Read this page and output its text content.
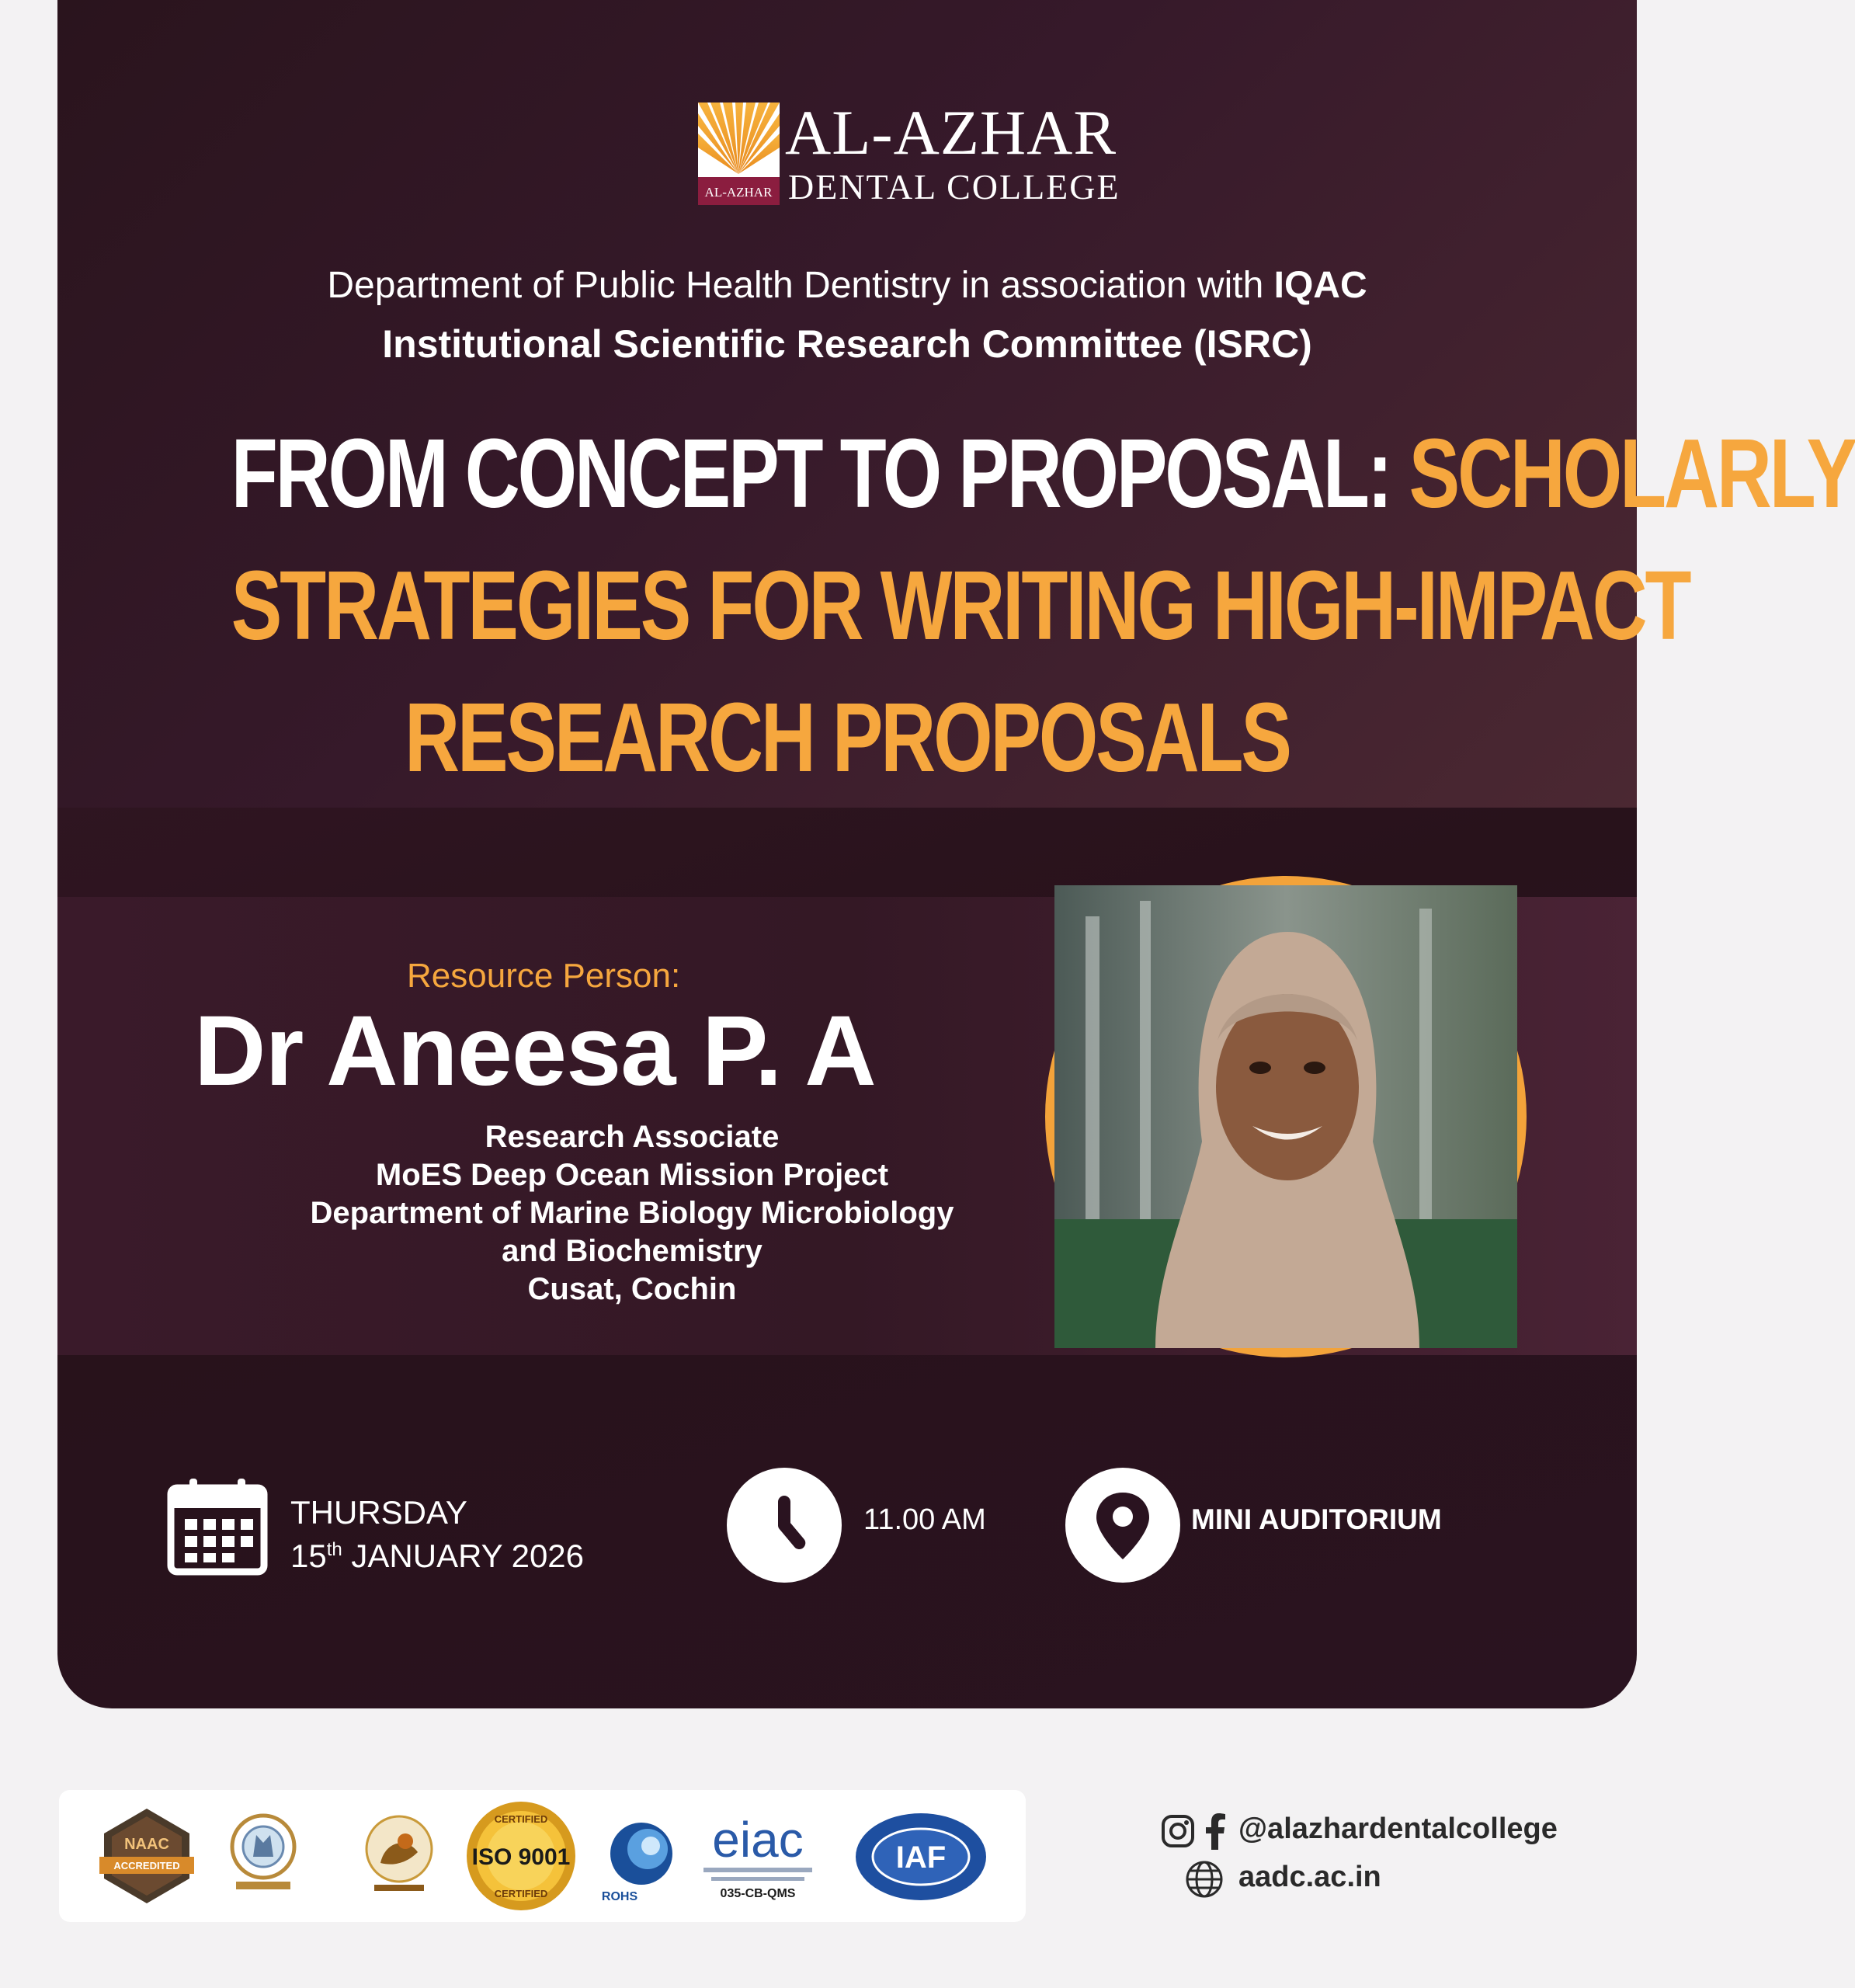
AL-AZHAR
AL-AZHAR
DENTAL COLLEGE
Department of Public Health Dentistry in association with IQAC
Institutional Scientific Research Committee (ISRC)
FROM CONCEPT TO PROPOSAL: SCHOLARLY
STRATEGIES FOR WRITING HIGH-IMPACT
RESEARCH PROPOSALS
Resource Person:
Dr Aneesa P. A
Research Associate
MoES Deep Ocean Mission Project
Department of Marine Biology Microbiology
and Biochemistry
Cusat, Cochin
THURSDAY
15th JANUARY 2026
11.00 AM	MINI AUDITORIUM
NAAC
ACCREDITED
CERTIFIED
ISO 9001
CERTIFIED	ROHS
eiac
035-CB-QMS
IAF
@alazhardentalcollege
aadc.ac.in
